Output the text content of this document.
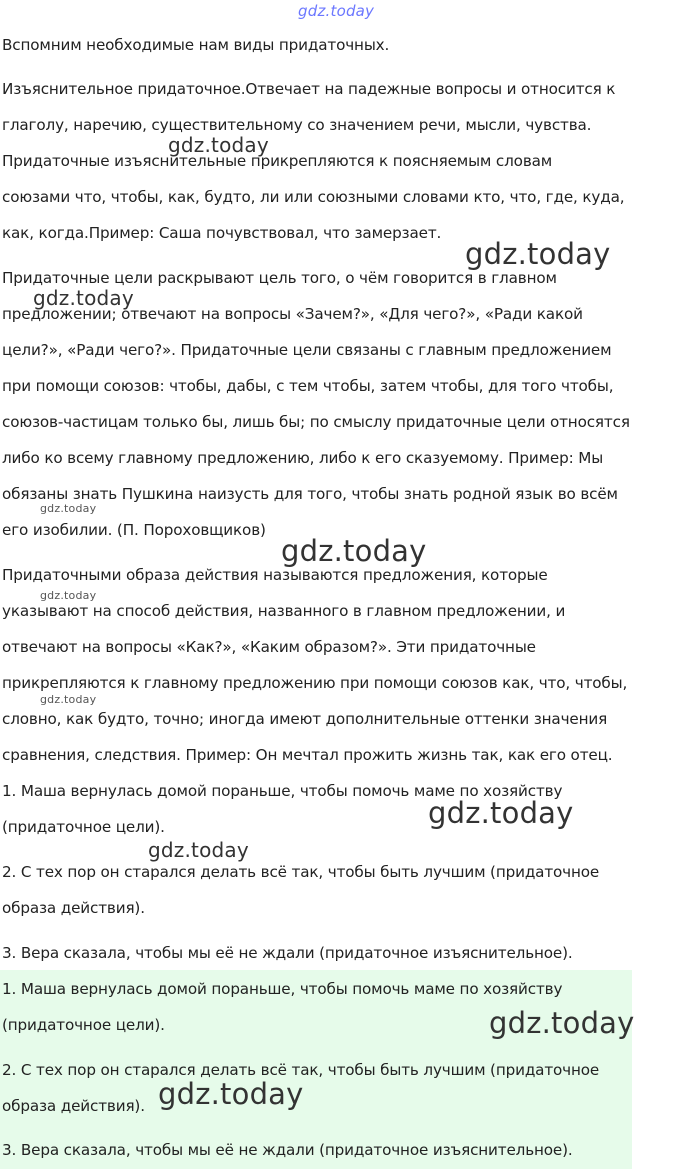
Вспомним необходимые нам виды придаточных.
Изъяснительное придаточное.Отвечает на падежные вопросы и относится к
глаголу, наречию, существительному со значением речи, мысли, чувства.
Придаточные изъяснительные прикрепляются к поясняемым словам
союзами что, чтобы, как, будто, ли или союзными словами кто, что, где, куда,
как, когда.Пример: Саша почувствовал, что замерзает.
Придаточные цели раскрывают цель того, о чём говорится в главном
предложении; отвечают на вопросы «Зачем?», «Для чего?», «Ради какой
цели?», «Ради чего?». Придаточные цели связаны с главным предложением
при помощи союзов: чтобы, дабы, с тем чтобы, затем чтобы, для того чтобы,
союзов-частицам только бы, лишь бы; по смыслу придаточные цели относятся
либо ко всему главному предложению, либо к его сказуемому. Пример: Мы
обязаны знать Пушкина наизусть для того, чтобы знать родной язык во всём
его изобилии. (П. Пороховщиков)
Придаточными образа действия называются предложения, которые
указывают на способ действия, названного в главном предложении, и
отвечают на вопросы «Как?», «Каким образом?». Эти придаточные
прикрепляются к главному предложению при помощи союзов как, что, чтобы,
словно, как будто, точно; иногда имеют дополнительные оттенки значения
сравнения, следствия. Пример: Он мечтал прожить жизнь так, как его отец.
1. Маша вернулась домой пораньше, чтобы помочь маме по хозяйству
(придаточное цели).
2. С тех пор он старался делать всё так, чтобы быть лучшим (придаточное
образа действия).
3. Вера сказала, чтобы мы её не ждали (придаточное изъяснительное).
1. Маша вернулась домой пораньше, чтобы помочь маме по хозяйству
(придаточное цели).
2. С тех пор он старался делать всё так, чтобы быть лучшим (придаточное
образа действия).
3. Вера сказала, чтобы мы её не ждали (придаточное изъяснительное).
gdz.today
gdz.today
gdz.today
gdz.today
gdz.today
gdz.today
gdz.today
gdz.today
gdz.today
gdz.today
gdz.today
gdz.today
